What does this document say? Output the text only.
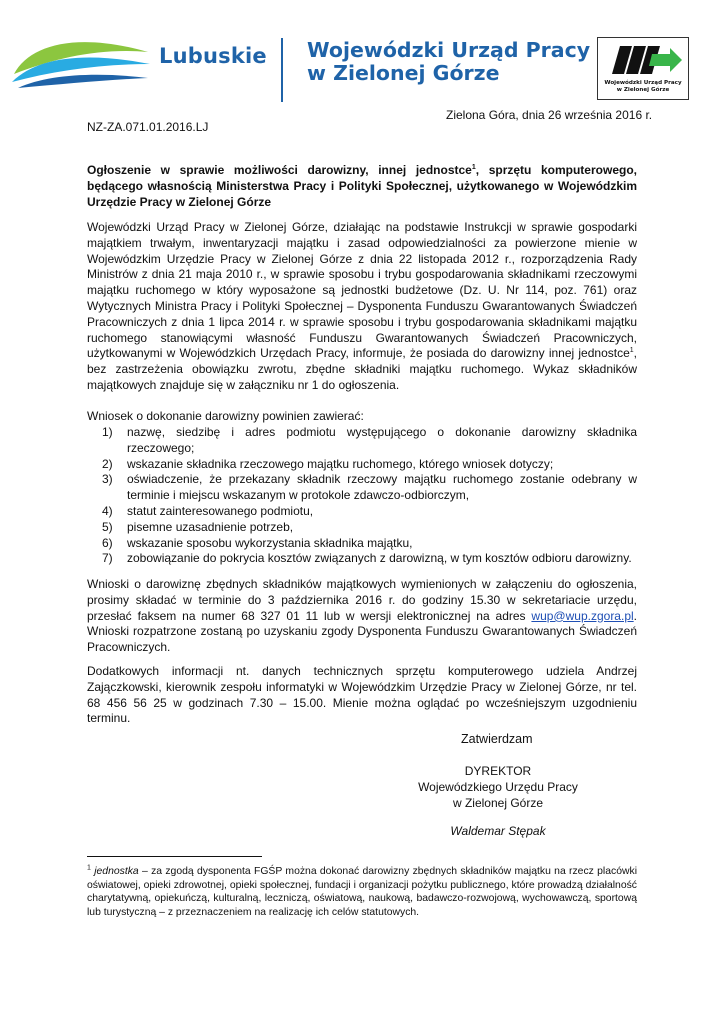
Lubuskie Wojewódzki Urząd Pracy
w Zielonej Górze	Wojewódzki Urząd Pracy
w Zielonej Górze
Zielona Góra, dnia 26 września 2016 r.
NZ-ZA.071.01.2016.LJ
Ogłoszenie w sprawie możliwości darowizny, innej jednostce$^1$, sprzętu komputerowego, będącego własnością Ministerstwa Pracy i Polityki Społecznej, użytkowanego w Wojewódzkim Urzędzie Pracy w Zielonej Górze
Wojewódzki Urząd Pracy w Zielonej Górze, działając na podstawie Instrukcji w sprawie gospodarki majątkiem trwałym, inwentaryzacji majątku i zasad odpowiedzialności za powierzone mienie w Wojewódzkim Urzędzie Pracy w Zielonej Górze z dnia 22 listopada 2012 r., rozporządzenia Rady Ministrów z dnia 21 maja 2010 r., w sprawie sposobu i trybu gospodarowania składnikami rzeczowymi majątku ruchomego w który wyposażone są jednostki budżetowe (Dz. U. Nr 114, poz. 761) oraz Wytycznych Ministra Pracy i Polityki Społecznej – Dysponenta Funduszu Gwarantowanych Świadczeń Pracowniczych z dnia 1 lipca 2014 r. w sprawie sposobu i trybu gospodarowania składnikami majątku ruchomego stanowiącymi własność Funduszu Gwarantowanych Świadczeń Pracowniczych, użytkowanymi w Wojewódzkich Urzędach Pracy, informuje, że posiada do darowizny innej jednostce$^1$, bez zastrzeżenia obowiązku zwrotu, zbędne składniki majątku ruchomego. Wykaz składników majątkowych znajduje się w załączniku nr 1 do ogłoszenia.
Wniosek o dokonanie darowizny powinien zawierać:
1) nazwę, siedzibę i adres podmiotu występującego o dokonanie darowizny składnika rzeczowego;
2) wskazanie składnika rzeczowego majątku ruchomego, którego wniosek dotyczy;
3) oświadczenie, że przekazany składnik rzeczowy majątku ruchomego zostanie odebrany w terminie i miejscu wskazanym w protokole zdawczo-odbiorczym,
4) statut zainteresowanego podmiotu,
5) pisemne uzasadnienie potrzeb,
6) wskazanie sposobu wykorzystania składnika majątku,
7) zobowiązanie do pokrycia kosztów związanych z darowizną, w tym kosztów odbioru darowizny.
Wnioski o darowiznę zbędnych składników majątkowych wymienionych w załączeniu do ogłoszenia, prosimy składać w terminie do 3 października 2016 r. do godziny 15.30 w sekretariacie urzędu, przesłać faksem na numer 68 327 01 11 lub w wersji elektronicznej na adres wup@wup.zgora.pl. Wnioski rozpatrzone zostaną po uzyskaniu zgody Dysponenta Funduszu Gwarantowanych Świadczeń Pracowniczych.
Dodatkowych informacji nt. danych technicznych sprzętu komputerowego udziela Andrzej Zajączkowski, kierownik zespołu informatyki w Wojewódzkim Urzędzie Pracy w Zielonej Górze, nr tel. 68 456 56 25 w godzinach 7.30 – 15.00. Mienie można oglądać po wcześniejszym uzgodnieniu terminu.
Zatwierdzam
DYREKTOR
Wojewódzkiego Urzędu Pracy
w Zielonej Górze
Waldemar Stępak
$^1$ jednostka – za zgodą dysponenta FGŚP można dokonać darowizny zbędnych składników majątku na rzecz placówki oświatowej, opieki zdrowotnej, opieki społecznej, fundacji i organizacji pożytku publicznego, które prowadzą działalność charytatywną, opiekuńczą, kulturalną, leczniczą, oświatową, naukową, badawczo-rozwojową, wychowawczą, sportową lub turystyczną – z przeznaczeniem na realizację ich celów statutowych.
